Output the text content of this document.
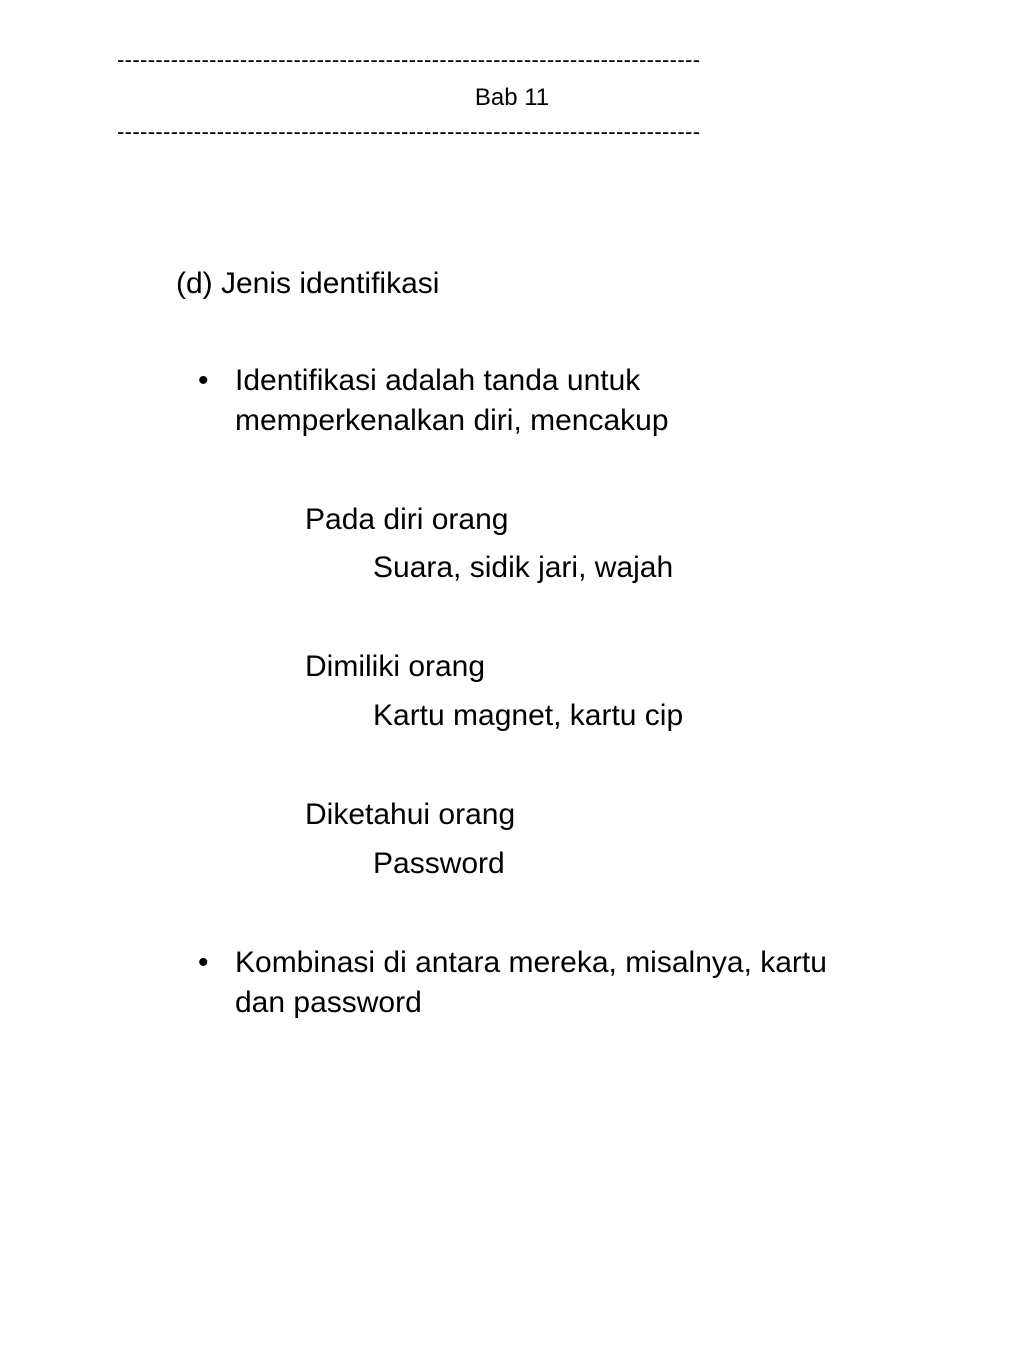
----------------------------------------------------------------------------
Bab 11
----------------------------------------------------------------------------
(d) Jenis identifikasi
• Identifikasi adalah tanda untuk
memperkenalkan diri, mencakup
Pada diri orang
Suara, sidik jari, wajah
Dimiliki orang
Kartu magnet, kartu cip
Diketahui orang
Password
• Kombinasi di antara mereka, misalnya, kartu
dan password
